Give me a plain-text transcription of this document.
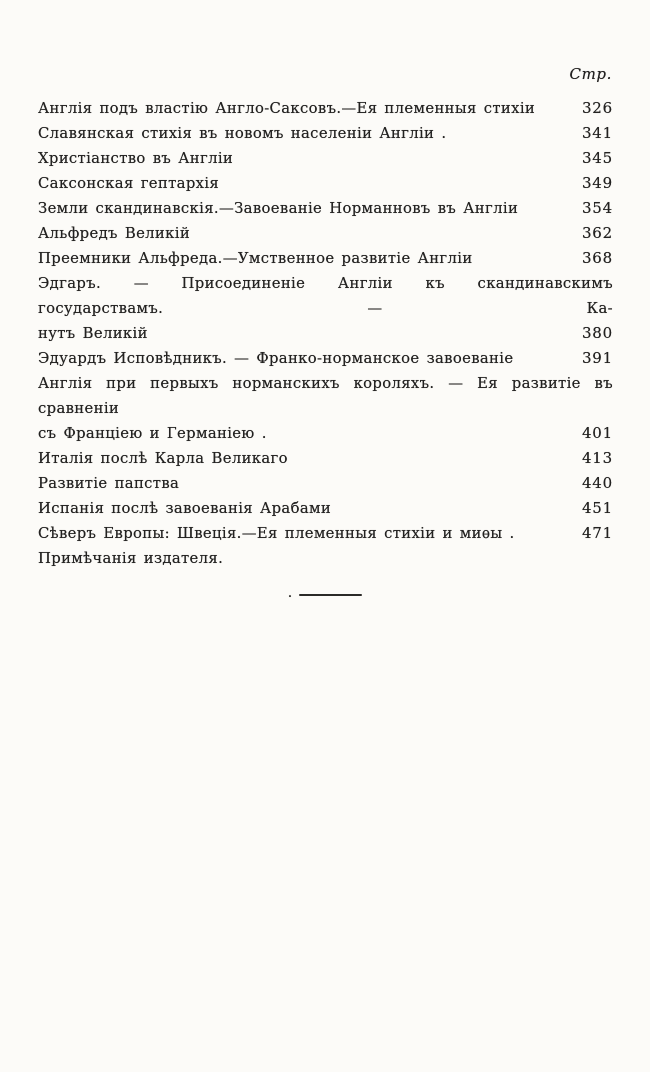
Стр.
Англія подъ властію Англо-Саксовъ.—Ея племенныя стихіи	326
Славянская стихія въ новомъ населеніи Англіи .	341
Христіанство въ Англіи	345
Саксонская гептархія	349
Земли скандинавскія.—Завоеваніе Норманновъ въ Англіи	354
Альфредъ Великій	362
Преемники Альфреда.—Умственное развитіе Англіи	368
Эдгаръ. — Присоединеніе Англіи къ скандинавскимъ государствамъ. — Ка-
нутъ Великій	380
Эдуардъ Исповѣдникъ. — Франко-норманское завоеваніе	391
Англія при первыхъ норманскихъ короляхъ. — Ея развитіе въ сравненіи
съ Франціею и Германіею .	401
Италія послѣ Карла Великаго	413
Развитіе папства	440
Испанія послѣ завоеванія Арабами	451
Сѣверъ Европы: Швеція.—Ея племенныя стихіи и миѳы .	471
Примѣчанія издателя.
.
